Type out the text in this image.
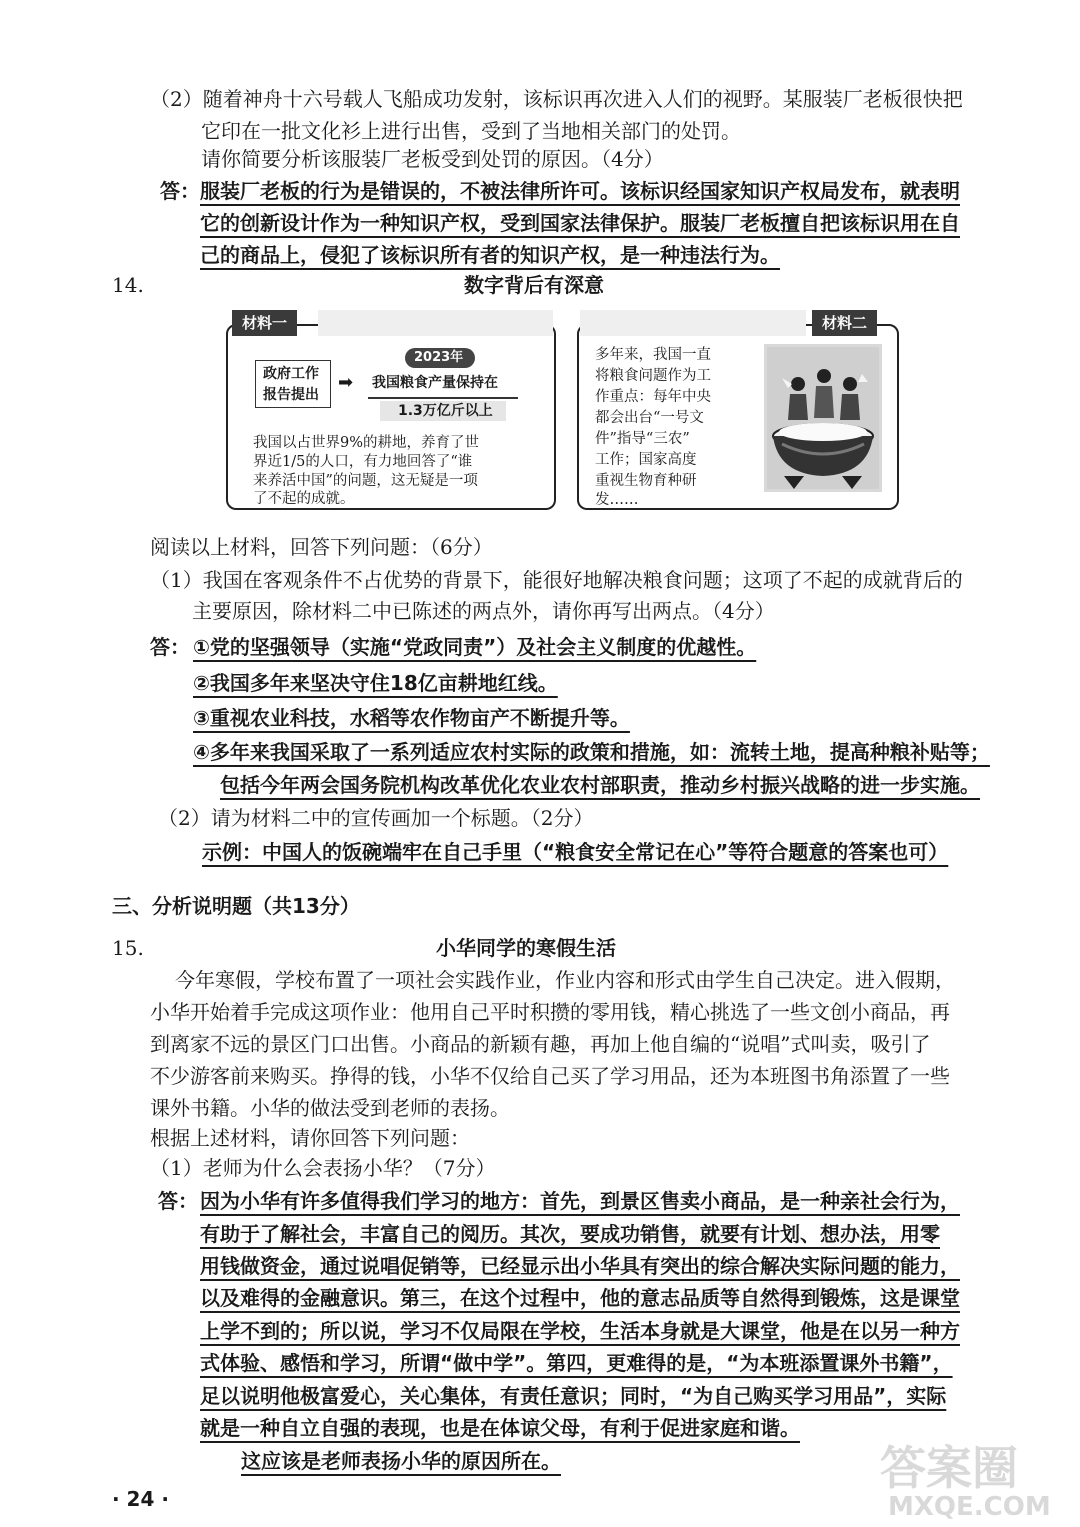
（2）随着神舟十六号载人飞船成功发射，该标识再次进入人们的视野。某服装厂老板很快把
它印在一批文化衫上进行出售，受到了当地相关部门的处罚。
请你简要分析该服装厂老板受到处罚的原因。（4分）
答： 服装厂老板的行为是错误的，不被法律所许可。该标识经国家知识产权局发布，就表明
它的创新设计作为一种知识产权，受到国家法律保护。服装厂老板擅自把该标识用在自
己的商品上，侵犯了该标识所有者的知识产权，是一种违法行为。
14.	数字背后有深意
材料一
政府工作
报告提出
➡
2023年
我国粮食产量保持在
1.3万亿斤以上
我国以占世界9%的耕地，养育了世
界近1/5的人口，有力地回答了“谁
来养活中国”的问题，这无疑是一项
了不起的成就。
材料二
多年来，我国一直
将粮食问题作为工
作重点：每年中央
都会出台“一号文
件”指导“三农”
工作；国家高度
重视生物育种研
发……
阅读以上材料，回答下列问题：（6分）
（1）我国在客观条件不占优势的背景下，能很好地解决粮食问题；这项了不起的成就背后的
主要原因，除材料二中已陈述的两点外，请你再写出两点。（4分）
答： ①党的坚强领导（实施“党政同责”）及社会主义制度的优越性。
②我国多年来坚决守住18亿亩耕地红线。
③重视农业科技，水稻等农作物亩产不断提升等。
④多年来我国采取了一系列适应农村实际的政策和措施，如：流转土地，提高种粮补贴等；
包括今年两会国务院机构改革优化农业农村部职责，推动乡村振兴战略的进一步实施。
（2）请为材料二中的宣传画加一个标题。（2分）
示例：中国人的饭碗端牢在自己手里（“粮食安全常记在心”等符合题意的答案也可）
三、分析说明题（共13分）
15.	小华同学的寒假生活
今年寒假，学校布置了一项社会实践作业，作业内容和形式由学生自己决定。进入假期，
小华开始着手完成这项作业：他用自己平时积攒的零用钱，精心挑选了一些文创小商品，再
到离家不远的景区门口出售。小商品的新颖有趣，再加上他自编的“说唱”式叫卖，吸引了
不少游客前来购买。挣得的钱，小华不仅给自己买了学习用品，还为本班图书角添置了一些
课外书籍。小华的做法受到老师的表扬。
根据上述材料，请你回答下列问题：
（1）老师为什么会表扬小华？（7分）
答： 因为小华有许多值得我们学习的地方：首先，到景区售卖小商品，是一种亲社会行为，
有助于了解社会，丰富自己的阅历。其次，要成功销售，就要有计划、想办法，用零
用钱做资金，通过说唱促销等，已经显示出小华具有突出的综合解决实际问题的能力，
以及难得的金融意识。第三，在这个过程中，他的意志品质等自然得到锻炼，这是课堂
上学不到的；所以说，学习不仅局限在学校，生活本身就是大课堂，他是在以另一种方
式体验、感悟和学习，所谓“做中学”。第四，更难得的是，“为本班添置课外书籍”，
足以说明他极富爱心，关心集体，有责任意识；同时，“为自己购买学习用品”，实际
就是一种自立自强的表现，也是在体谅父母，有利于促进家庭和谐。
这应该是老师表扬小华的原因所在。
· 24 ·
答案圈
MXQE.COM
